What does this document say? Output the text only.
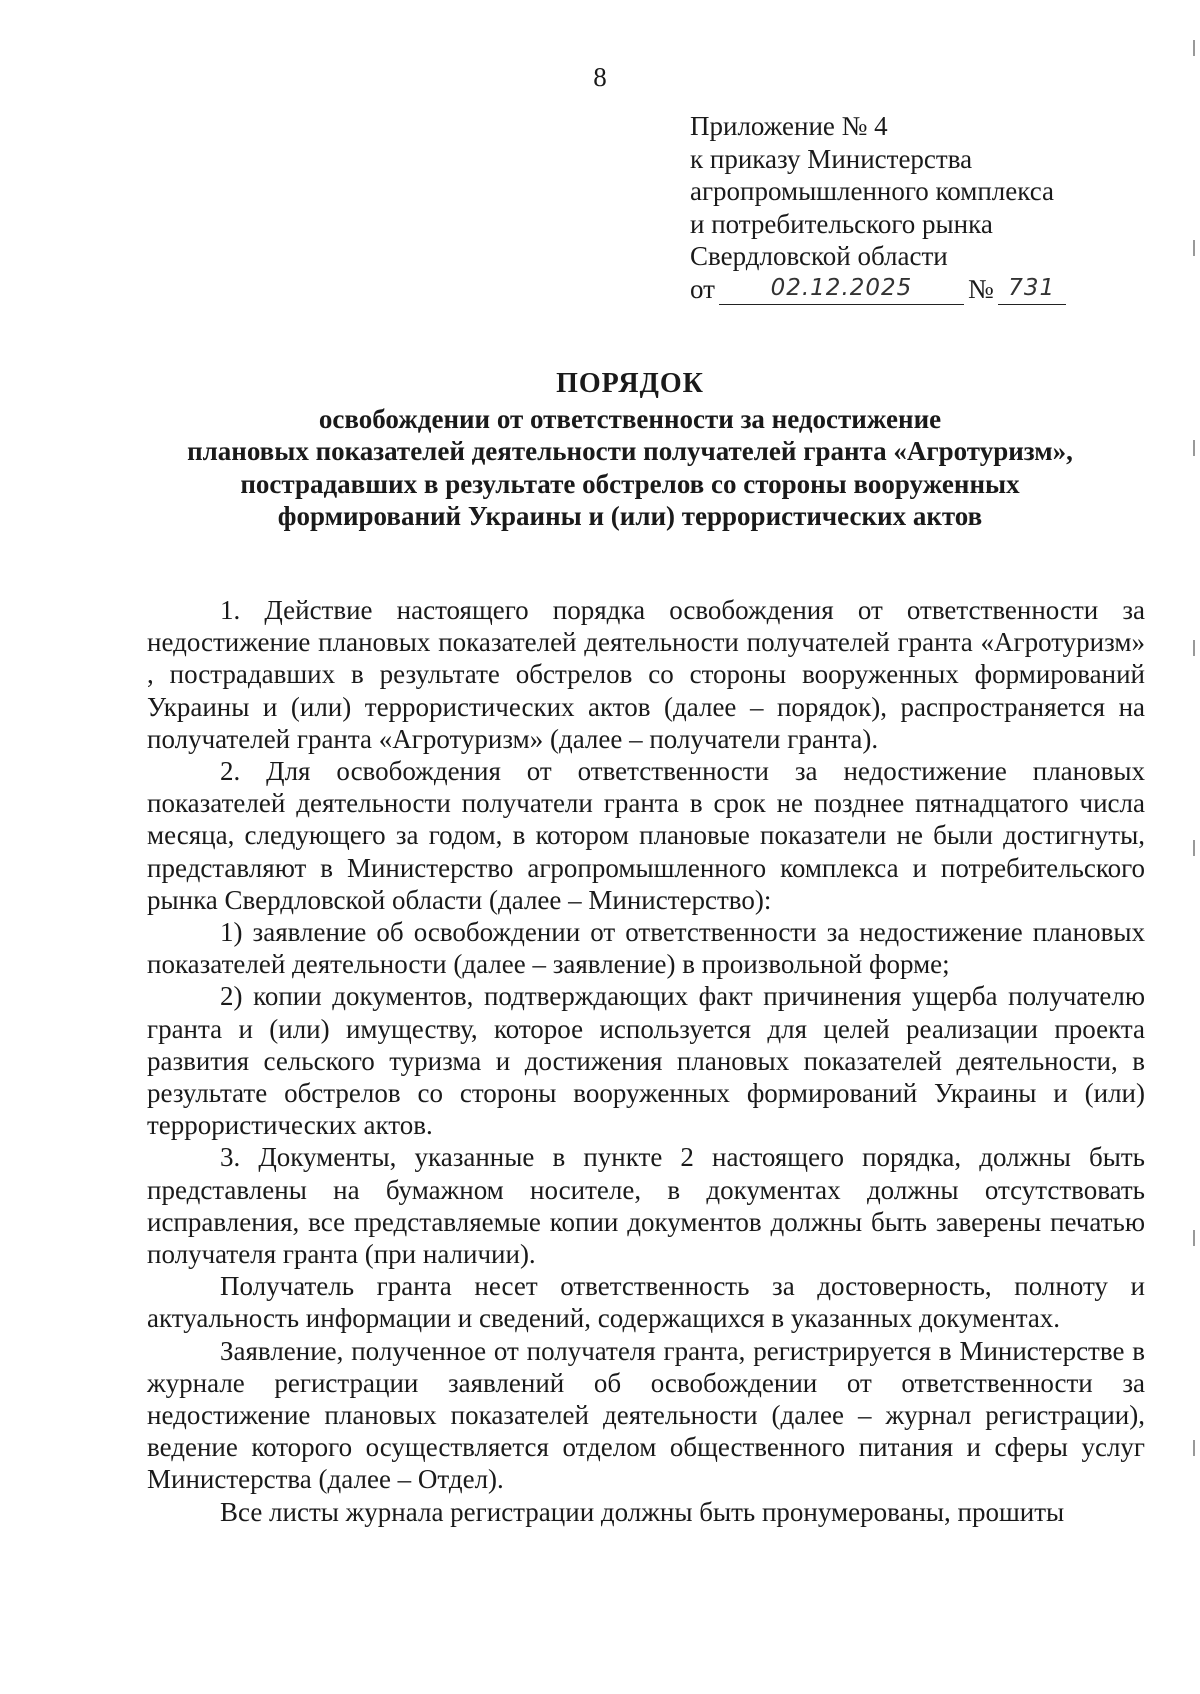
8
Приложение № 4
к приказу Министерства
агропромышленного комплекса
и потребительского рынка
Свердловской области
от	02.12.2025	№ 731
ПОРЯДОК
освобождении от ответственности за недостижение
плановых показателей деятельности получателей гранта «Агротуризм»,
пострадавших в результате обстрелов со стороны вооруженных
формирований Украины и (или) террористических актов

1. Действие настоящего порядка освобождения от ответственности за недостижение плановых показателей деятельности получателей гранта «Агротуризм» , пострадавших в результате обстрелов со стороны вооруженных формирований Украины и (или) террористических актов (далее – порядок), распространяется на получателей гранта «Агротуризм» (далее – получатели гранта).

2. Для освобождения от ответственности за недостижение плановых показателей деятельности получатели гранта в срок не позднее пятнадцатого числа месяца, следующего за годом, в котором плановые показатели не были достигнуты, представляют в Министерство агропромышленного комплекса и потребительского рынка Свердловской области (далее – Министерство):

1) заявление об освобождении от ответственности за недостижение плановых показателей деятельности (далее – заявление) в произвольной форме;

2) копии документов, подтверждающих факт причинения ущерба получателю гранта и (или) имуществу, которое используется для целей реализации проекта развития сельского туризма и достижения плановых показателей деятельности, в результате обстрелов со стороны вооруженных формирований Украины и (или) террористических актов.

3. Документы, указанные в пункте 2 настоящего порядка, должны быть представлены на бумажном носителе, в документах должны отсутствовать исправления, все представляемые копии документов должны быть заверены печатью получателя гранта (при наличии).

Получатель гранта несет ответственность за достоверность, полноту и актуальность информации и сведений, содержащихся в указанных документах.

Заявление, полученное от получателя гранта, регистрируется в Министерстве в журнале регистрации заявлений об освобождении от ответственности за недостижение плановых показателей деятельности (далее – журнал регистрации), ведение которого осуществляется отделом общественного питания и сферы услуг Министерства (далее – Отдел).

Все листы журнала регистрации должны быть пронумерованы, прошиты
